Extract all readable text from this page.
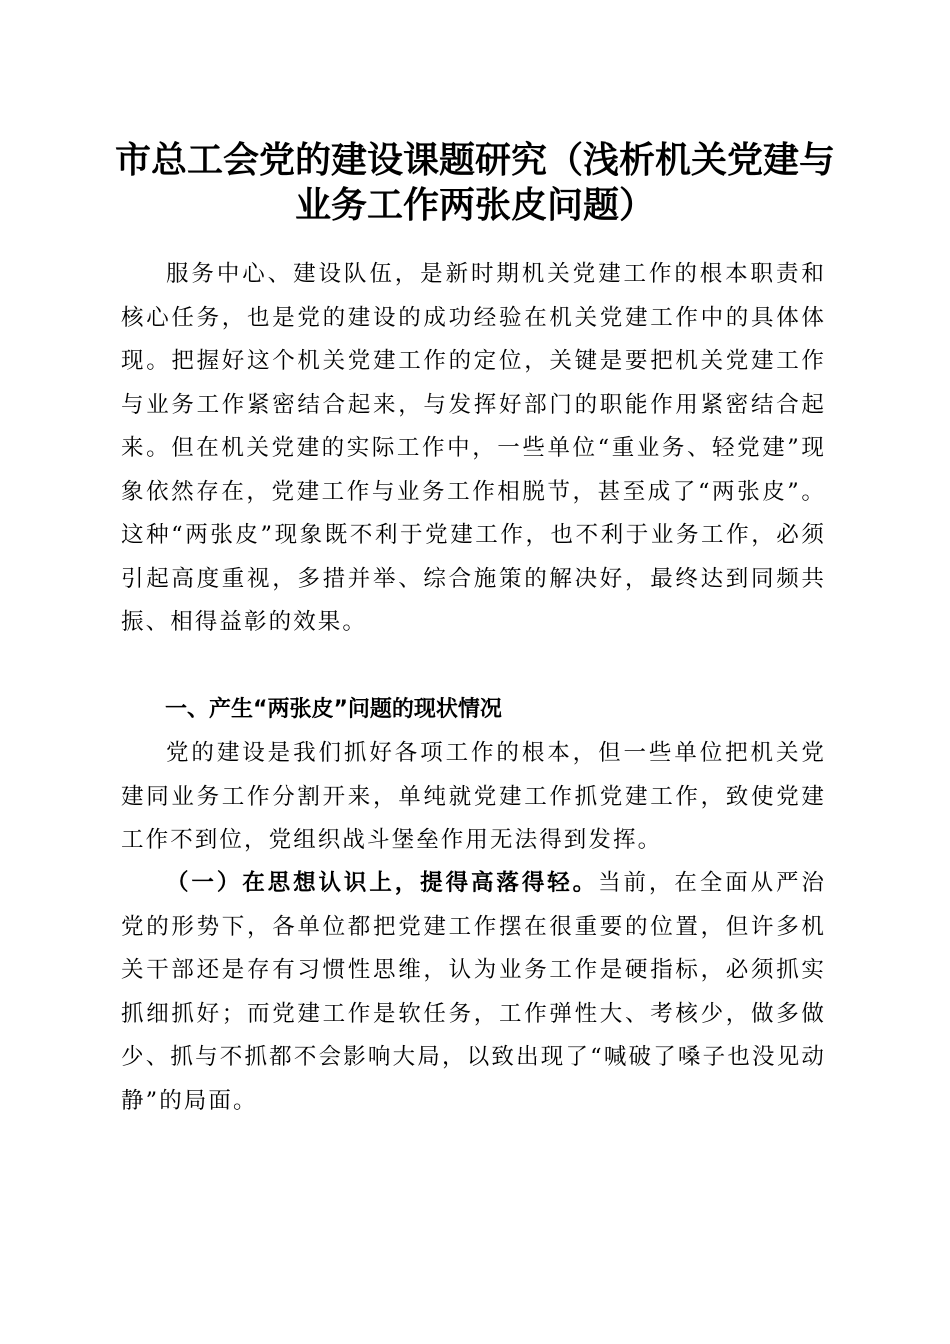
市总工会党的建设课题研究（浅析机关党建与
业务工作两张皮问题）

服务中心、建设队伍，是新时期机关党建工作的根本职责和核心任务，也是党的建设的成功经验在机关党建工作中的具体体现。把握好这个机关党建工作的定位，关键是要把机关党建工作与业务工作紧密结合起来，与发挥好部门的职能作用紧密结合起来。但在机关党建的实际工作中，一些单位“重业务、轻党建”现象依然存在，党建工作与业务工作相脱节，甚至成了“两张皮”。这种“两张皮”现象既不利于党建工作，也不利于业务工作，必须引起高度重视，多措并举、综合施策的解决好，最终达到同频共振、相得益彰的效果。

一、产生“两张皮”问题的现状情况

党的建设是我们抓好各项工作的根本，但一些单位把机关党建同业务工作分割开来，单纯就党建工作抓党建工作，致使党建工作不到位，党组织战斗堡垒作用无法得到发挥。

（一）在思想认识上，提得高落得轻。当前，在全面从严治党的形势下，各单位都把党建工作摆在很重要的位置，但许多机关干部还是存有习惯性思维，认为业务工作是硬指标，必须抓实抓细抓好；而党建工作是软任务，工作弹性大、考核少，做多做少、抓与不抓都不会影响大局，以致出现了“喊破了嗓子也没见动静”的局面。
